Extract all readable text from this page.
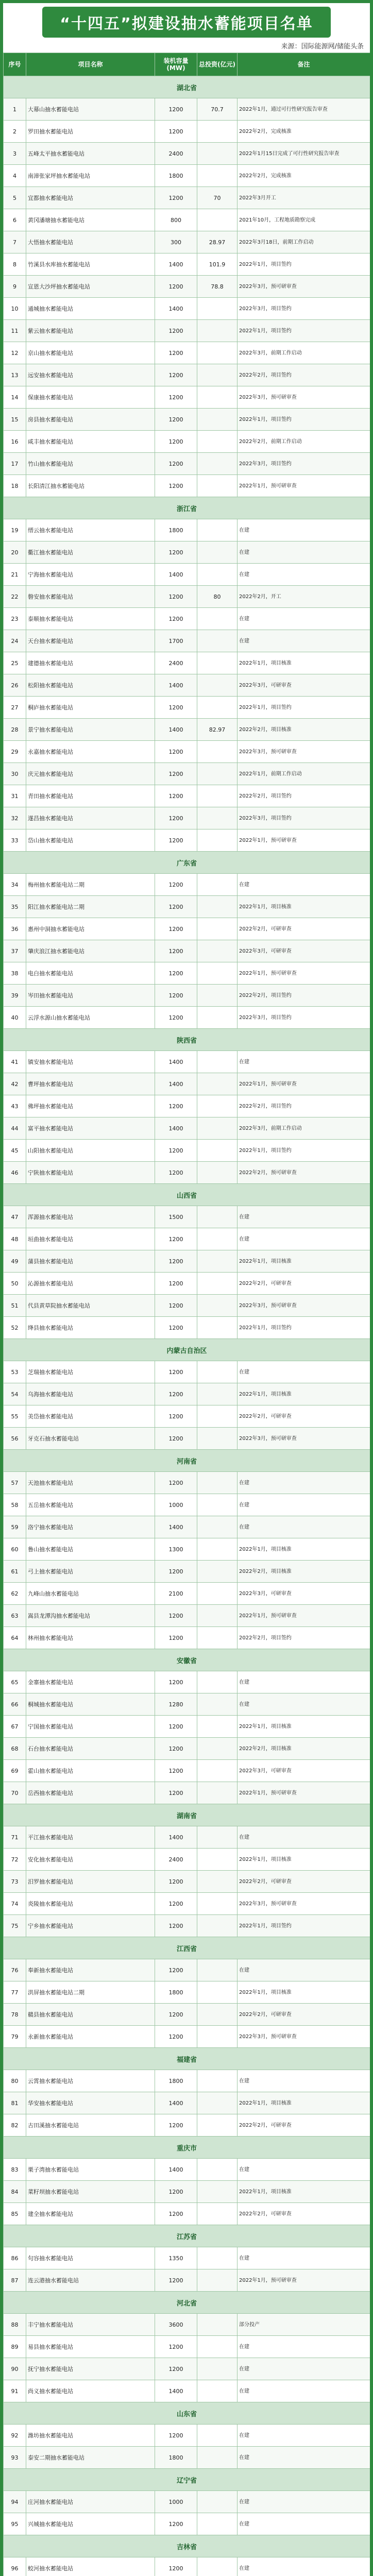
“十四五”拟建设抽水蓄能项目名单
来源：国际能源网/储能头条
序号	项目名称	装机容量(MW)	总投资(亿元)	备注
湖北省				
1	大幕山抽水蓄能电站	1200	70.7	2022年1月，通过可行性研究报告审查
2	罗田抽水蓄能电站	1200		2022年2月，完成核准
3	五峰太平抽水蓄能电站	2400		2022年1月15日完成了可行性研究报告审查
4	南漳张家坪抽水蓄能电站	1800		2022年2月，完成核准
5	宜都抽水蓄能电站	1200	70	2022年3月开工
6	黄冈潘塘抽水蓄能电站	800		2021年10月，工程地质勘察完成
7	大悟抽水蓄能电站	300	28.97	2022年3月18日，前期工作启动
8	竹溪县水库抽水蓄能电站	1400	101.9	2022年1月，项目签约
9	宣恩大沙坪抽水蓄能电站	1200	78.8	2022年3月，预可研审查
10	通城抽水蓄能电站	1400		2022年3月，项目签约
11	紫云抽水蓄能电站	1200		2022年1月，项目签约
12	京山抽水蓄能电站	1200		2022年3月，前期工作启动
13	远安抽水蓄能电站	1200		2022年2月，项目签约
14	保康抽水蓄能电站	1200		2022年3月，预可研审查
15	房县抽水蓄能电站	1200		2022年1月，项目签约
16	咸丰抽水蓄能电站	1200		2022年2月，前期工作启动
17	竹山抽水蓄能电站	1200		2022年3月，项目签约
18	长阳清江抽水蓄能电站	1200		2022年1月，预可研审查
浙江省				
19	缙云抽水蓄能电站	1800		在建
20	衢江抽水蓄能电站	1200		在建
21	宁海抽水蓄能电站	1400		在建
22	磐安抽水蓄能电站	1200	80	2022年2月，开工
23	泰顺抽水蓄能电站	1200		在建
24	天台抽水蓄能电站	1700		在建
25	建德抽水蓄能电站	2400		2022年1月，项目核准
26	松阳抽水蓄能电站	1400		2022年3月，可研审查
27	桐庐抽水蓄能电站	1200		2022年1月，项目签约
28	景宁抽水蓄能电站	1400	82.97	2022年2月，项目核准
29	永嘉抽水蓄能电站	1200		2022年3月，预可研审查
30	庆元抽水蓄能电站	1200		2022年1月，前期工作启动
31	青田抽水蓄能电站	1200		2022年2月，项目签约
32	遂昌抽水蓄能电站	1200		2022年3月，项目签约
33	岱山抽水蓄能电站	1200		2022年1月，预可研审查
广东省				
34	梅州抽水蓄能电站二期	1200		在建
35	阳江抽水蓄能电站二期	1200		2022年1月，项目核准
36	惠州中洞抽水蓄能电站	1200		2022年2月，可研审查
37	肇庆浪江抽水蓄能电站	1200		2022年3月，可研审查
38	电白抽水蓄能电站	1200		2022年1月，预可研审查
39	岑田抽水蓄能电站	1200		2022年2月，项目签约
40	云浮水源山抽水蓄能电站	1200		2022年3月，项目签约
陕西省				
41	镇安抽水蓄能电站	1400		在建
42	曹坪抽水蓄能电站	1400		2022年1月，预可研审查
43	佛坪抽水蓄能电站	1200		2022年2月，项目签约
44	富平抽水蓄能电站	1400		2022年3月，前期工作启动
45	山阳抽水蓄能电站	1200		2022年1月，项目签约
46	宁陕抽水蓄能电站	1200		2022年2月，预可研审查
山西省				
47	浑源抽水蓄能电站	1500		在建
48	垣曲抽水蓄能电站	1200		在建
49	蒲县抽水蓄能电站	1200		2022年1月，项目核准
50	沁源抽水蓄能电站	1200		2022年2月，可研审查
51	代县黄草院抽水蓄能电站	1200		2022年3月，预可研审查
52	绛县抽水蓄能电站	1200		2022年1月，项目签约
内蒙古自治区				
53	芝瑞抽水蓄能电站	1200		在建
54	乌海抽水蓄能电站	1200		2022年1月，项目核准
55	美岱抽水蓄能电站	1200		2022年2月，可研审查
56	牙克石抽水蓄能电站	1200		2022年3月，预可研审查
河南省				
57	天池抽水蓄能电站	1200		在建
58	五岳抽水蓄能电站	1000		在建
59	洛宁抽水蓄能电站	1400		在建
60	鲁山抽水蓄能电站	1300		2022年1月，项目核准
61	弓上抽水蓄能电站	1200		2022年2月，项目核准
62	九峰山抽水蓄能电站	2100		2022年3月，可研审查
63	嵩县龙潭沟抽水蓄能电站	1200		2022年1月，预可研审查
64	林州抽水蓄能电站	1200		2022年2月，项目签约
安徽省				
65	金寨抽水蓄能电站	1200		在建
66	桐城抽水蓄能电站	1280		在建
67	宁国抽水蓄能电站	1200		2022年1月，项目核准
68	石台抽水蓄能电站	1200		2022年2月，项目核准
69	霍山抽水蓄能电站	1200		2022年3月，可研审查
70	岳西抽水蓄能电站	1200		2022年1月，预可研审查
湖南省				
71	平江抽水蓄能电站	1400		在建
72	安化抽水蓄能电站	2400		2022年1月，项目核准
73	汨罗抽水蓄能电站	1200		2022年2月，可研审查
74	炎陵抽水蓄能电站	1200		2022年3月，预可研审查
75	宁乡抽水蓄能电站	1200		2022年1月，项目签约
江西省				
76	奉新抽水蓄能电站	1200		在建
77	洪屏抽水蓄能电站二期	1800		2022年1月，项目核准
78	赣县抽水蓄能电站	1200		2022年2月，可研审查
79	永新抽水蓄能电站	1200		2022年3月，预可研审查
福建省				
80	云霄抽水蓄能电站	1800		在建
81	华安抽水蓄能电站	1400		2022年1月，项目核准
82	古田溪抽水蓄能电站	1200		2022年2月，可研审查
重庆市				
83	栗子湾抽水蓄能电站	1400		在建
84	菜籽坝抽水蓄能电站	1200		2022年1月，项目核准
85	建全抽水蓄能电站	1200		2022年2月，可研审查
江苏省				
86	句容抽水蓄能电站	1350		在建
87	连云港抽水蓄能电站	1200		2022年1月，预可研审查
河北省				
88	丰宁抽水蓄能电站	3600		部分投产
89	易县抽水蓄能电站	1200		在建
90	抚宁抽水蓄能电站	1200		在建
91	尚义抽水蓄能电站	1400		在建
山东省				
92	潍坊抽水蓄能电站	1200		在建
93	泰安二期抽水蓄能电站	1800		在建
辽宁省				
94	庄河抽水蓄能电站	1000		在建
95	兴城抽水蓄能电站	1200		在建
吉林省				
96	蛟河抽水蓄能电站	1200		在建
